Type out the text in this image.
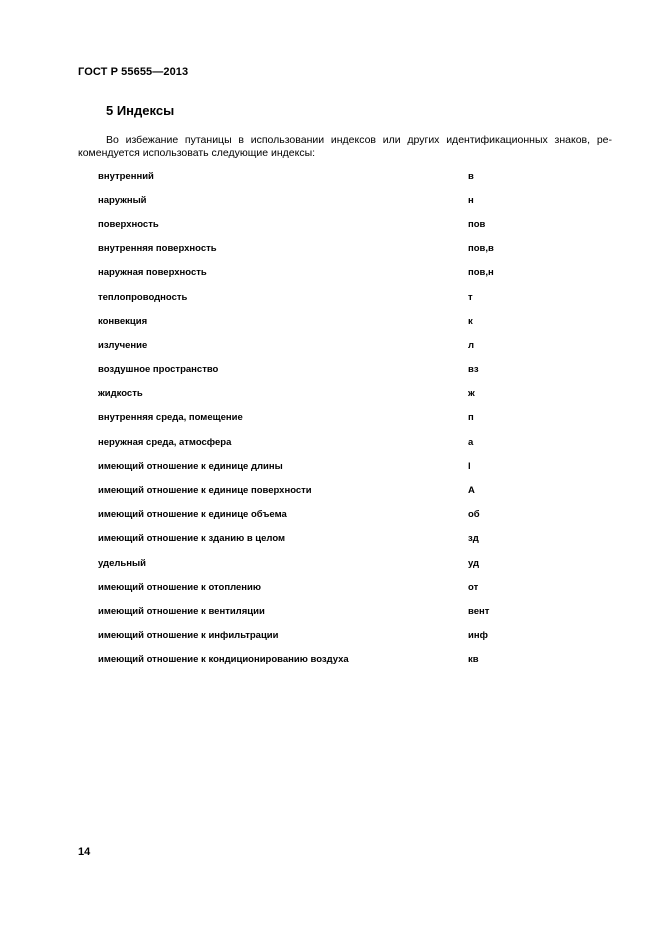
ГОСТ Р 55655—2013
5 Индексы

Во избежание путаницы в использовании индексов или других идентификационных знаков, ре-комендуется использовать следующие индексы:

внутренний	в
наружный	н
поверхность	пов
внутренняя поверхность	пов,в
наружная поверхность	пов,н
теплопроводность	т
конвекция	к
излучение	л
воздушное пространство	вз
жидкость	ж
внутренняя среда, помещение	п
неружная среда, атмосфера	а
имеющий отношение к единице длины	l
имеющий отношение к единице поверхности	А
имеющий отношение к единице объема	об
имеющий отношение к зданию в целом	зд
удельный	уд
имеющий отношение к отоплению	от
имеющий отношение к вентиляции	вент
имеющий отношение к инфильтрации	инф
имеющий отношение к кондиционированию воздуха	кв
14
